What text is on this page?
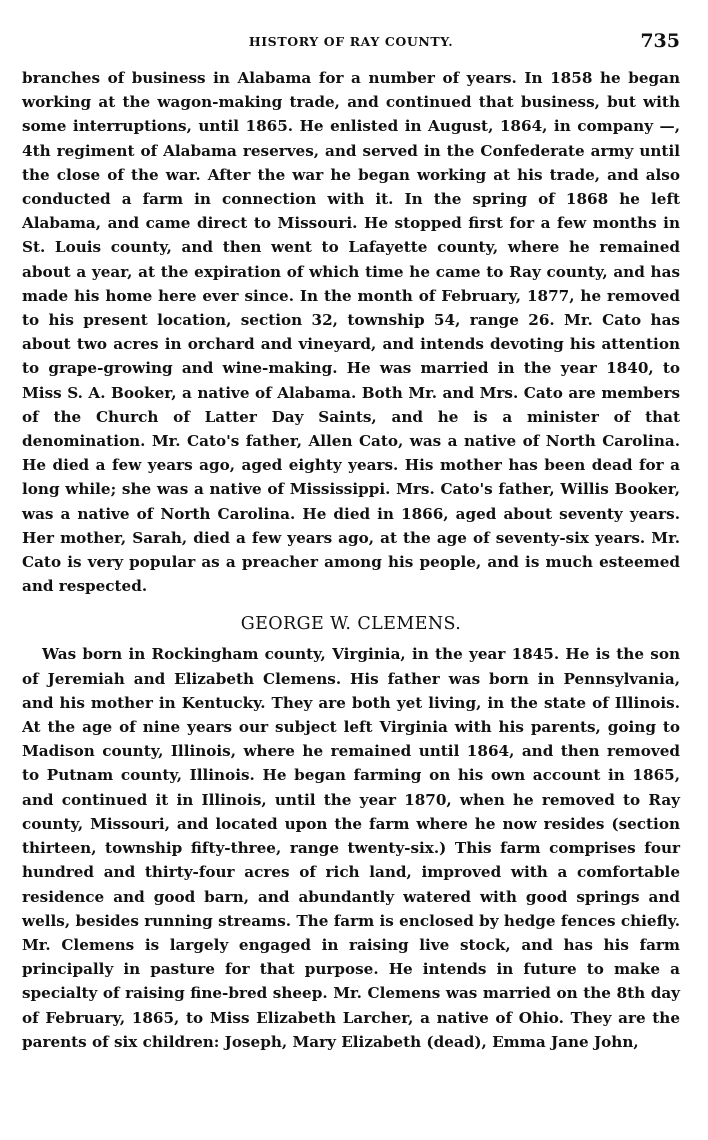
HISTORY OF RAY COUNTY.	735

branches of business in Alabama for a number of years. In 1858 he began working at the wagon-making trade, and continued that business, but with some interruptions, until 1865. He enlisted in August, 1864, in company —, 4th regiment of Alabama reserves, and served in the Confederate army until the close of the war. After the war he began working at his trade, and also conducted a farm in connection with it. In the spring of 1868 he left Alabama, and came direct to Missouri. He stopped first for a few months in St. Louis county, and then went to Lafayette county, where he remained about a year, at the expiration of which time he came to Ray county, and has made his home here ever since. In the month of February, 1877, he removed to his present location, section 32, township 54, range 26. Mr. Cato has about two acres in orchard and vineyard, and intends devoting his attention to grape-growing and wine-making. He was married in the year 1840, to Miss S. A. Booker, a native of Alabama. Both Mr. and Mrs. Cato are members of the Church of Latter Day Saints, and he is a minister of that denomination. Mr. Cato's father, Allen Cato, was a native of North Carolina. He died a few years ago, aged eighty years. His mother has been dead for a long while; she was a native of Mississippi. Mrs. Cato's father, Willis Booker, was a native of North Carolina. He died in 1866, aged about seventy years. Her mother, Sarah, died a few years ago, at the age of seventy-six years. Mr. Cato is very popular as a preacher among his people, and is much esteemed and respected.

GEORGE W. CLEMENS.

Was born in Rockingham county, Virginia, in the year 1845. He is the son of Jeremiah and Elizabeth Clemens. His father was born in Pennsylvania, and his mother in Kentucky. They are both yet living, in the state of Illinois. At the age of nine years our subject left Virginia with his parents, going to Madison county, Illinois, where he remained until 1864, and then removed to Putnam county, Illinois. He began farming on his own account in 1865, and continued it in Illinois, until the year 1870, when he removed to Ray county, Missouri, and located upon the farm where he now resides (section thirteen, township fifty-three, range twenty-six.) This farm comprises four hundred and thirty-four acres of rich land, improved with a comfortable residence and good barn, and abundantly watered with good springs and wells, besides running streams. The farm is enclosed by hedge fences chiefly. Mr. Clemens is largely engaged in raising live stock, and has his farm principally in pasture for that purpose. He intends in future to make a specialty of raising fine-bred sheep. Mr. Clemens was married on the 8th day of February, 1865, to Miss Elizabeth Larcher, a native of Ohio. They are the parents of six children: Joseph, Mary Elizabeth (dead), Emma Jane John,
